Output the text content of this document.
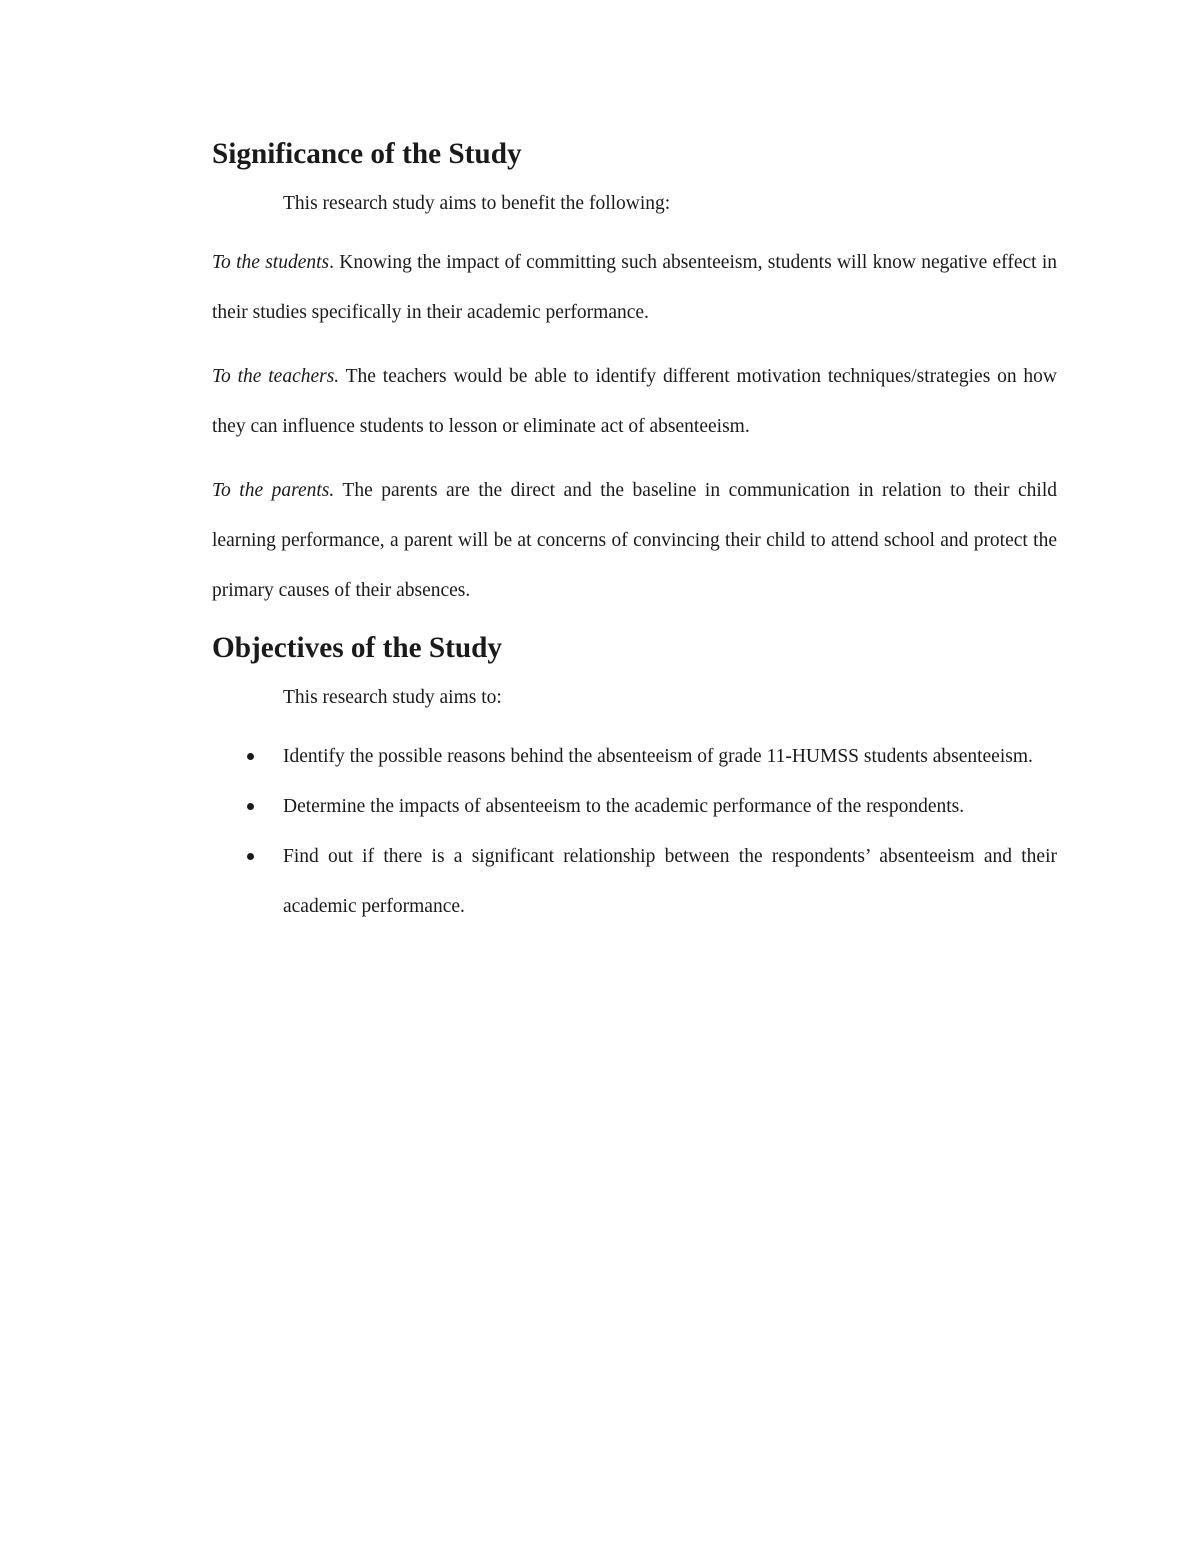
Significance of the Study

This research study aims to benefit the following:

To the students. Knowing the impact of committing such absenteeism, students will know negative effect in their studies specifically in their academic performance.

To the teachers. The teachers would be able to identify different motivation techniques/strategies on how they can influence students to lesson or eliminate act of absenteeism.

To the parents. The parents are the direct and the baseline in communication in relation to their child learning performance, a parent will be at concerns of convincing their child to attend school and protect the primary causes of their absences.

Objectives of the Study

This research study aims to:

Identify the possible reasons behind the absenteeism of grade 11-HUMSS students absenteeism.
Determine the impacts of absenteeism to the academic performance of the respondents.
Find out if there is a significant relationship between the respondents’ absenteeism and their academic performance.
